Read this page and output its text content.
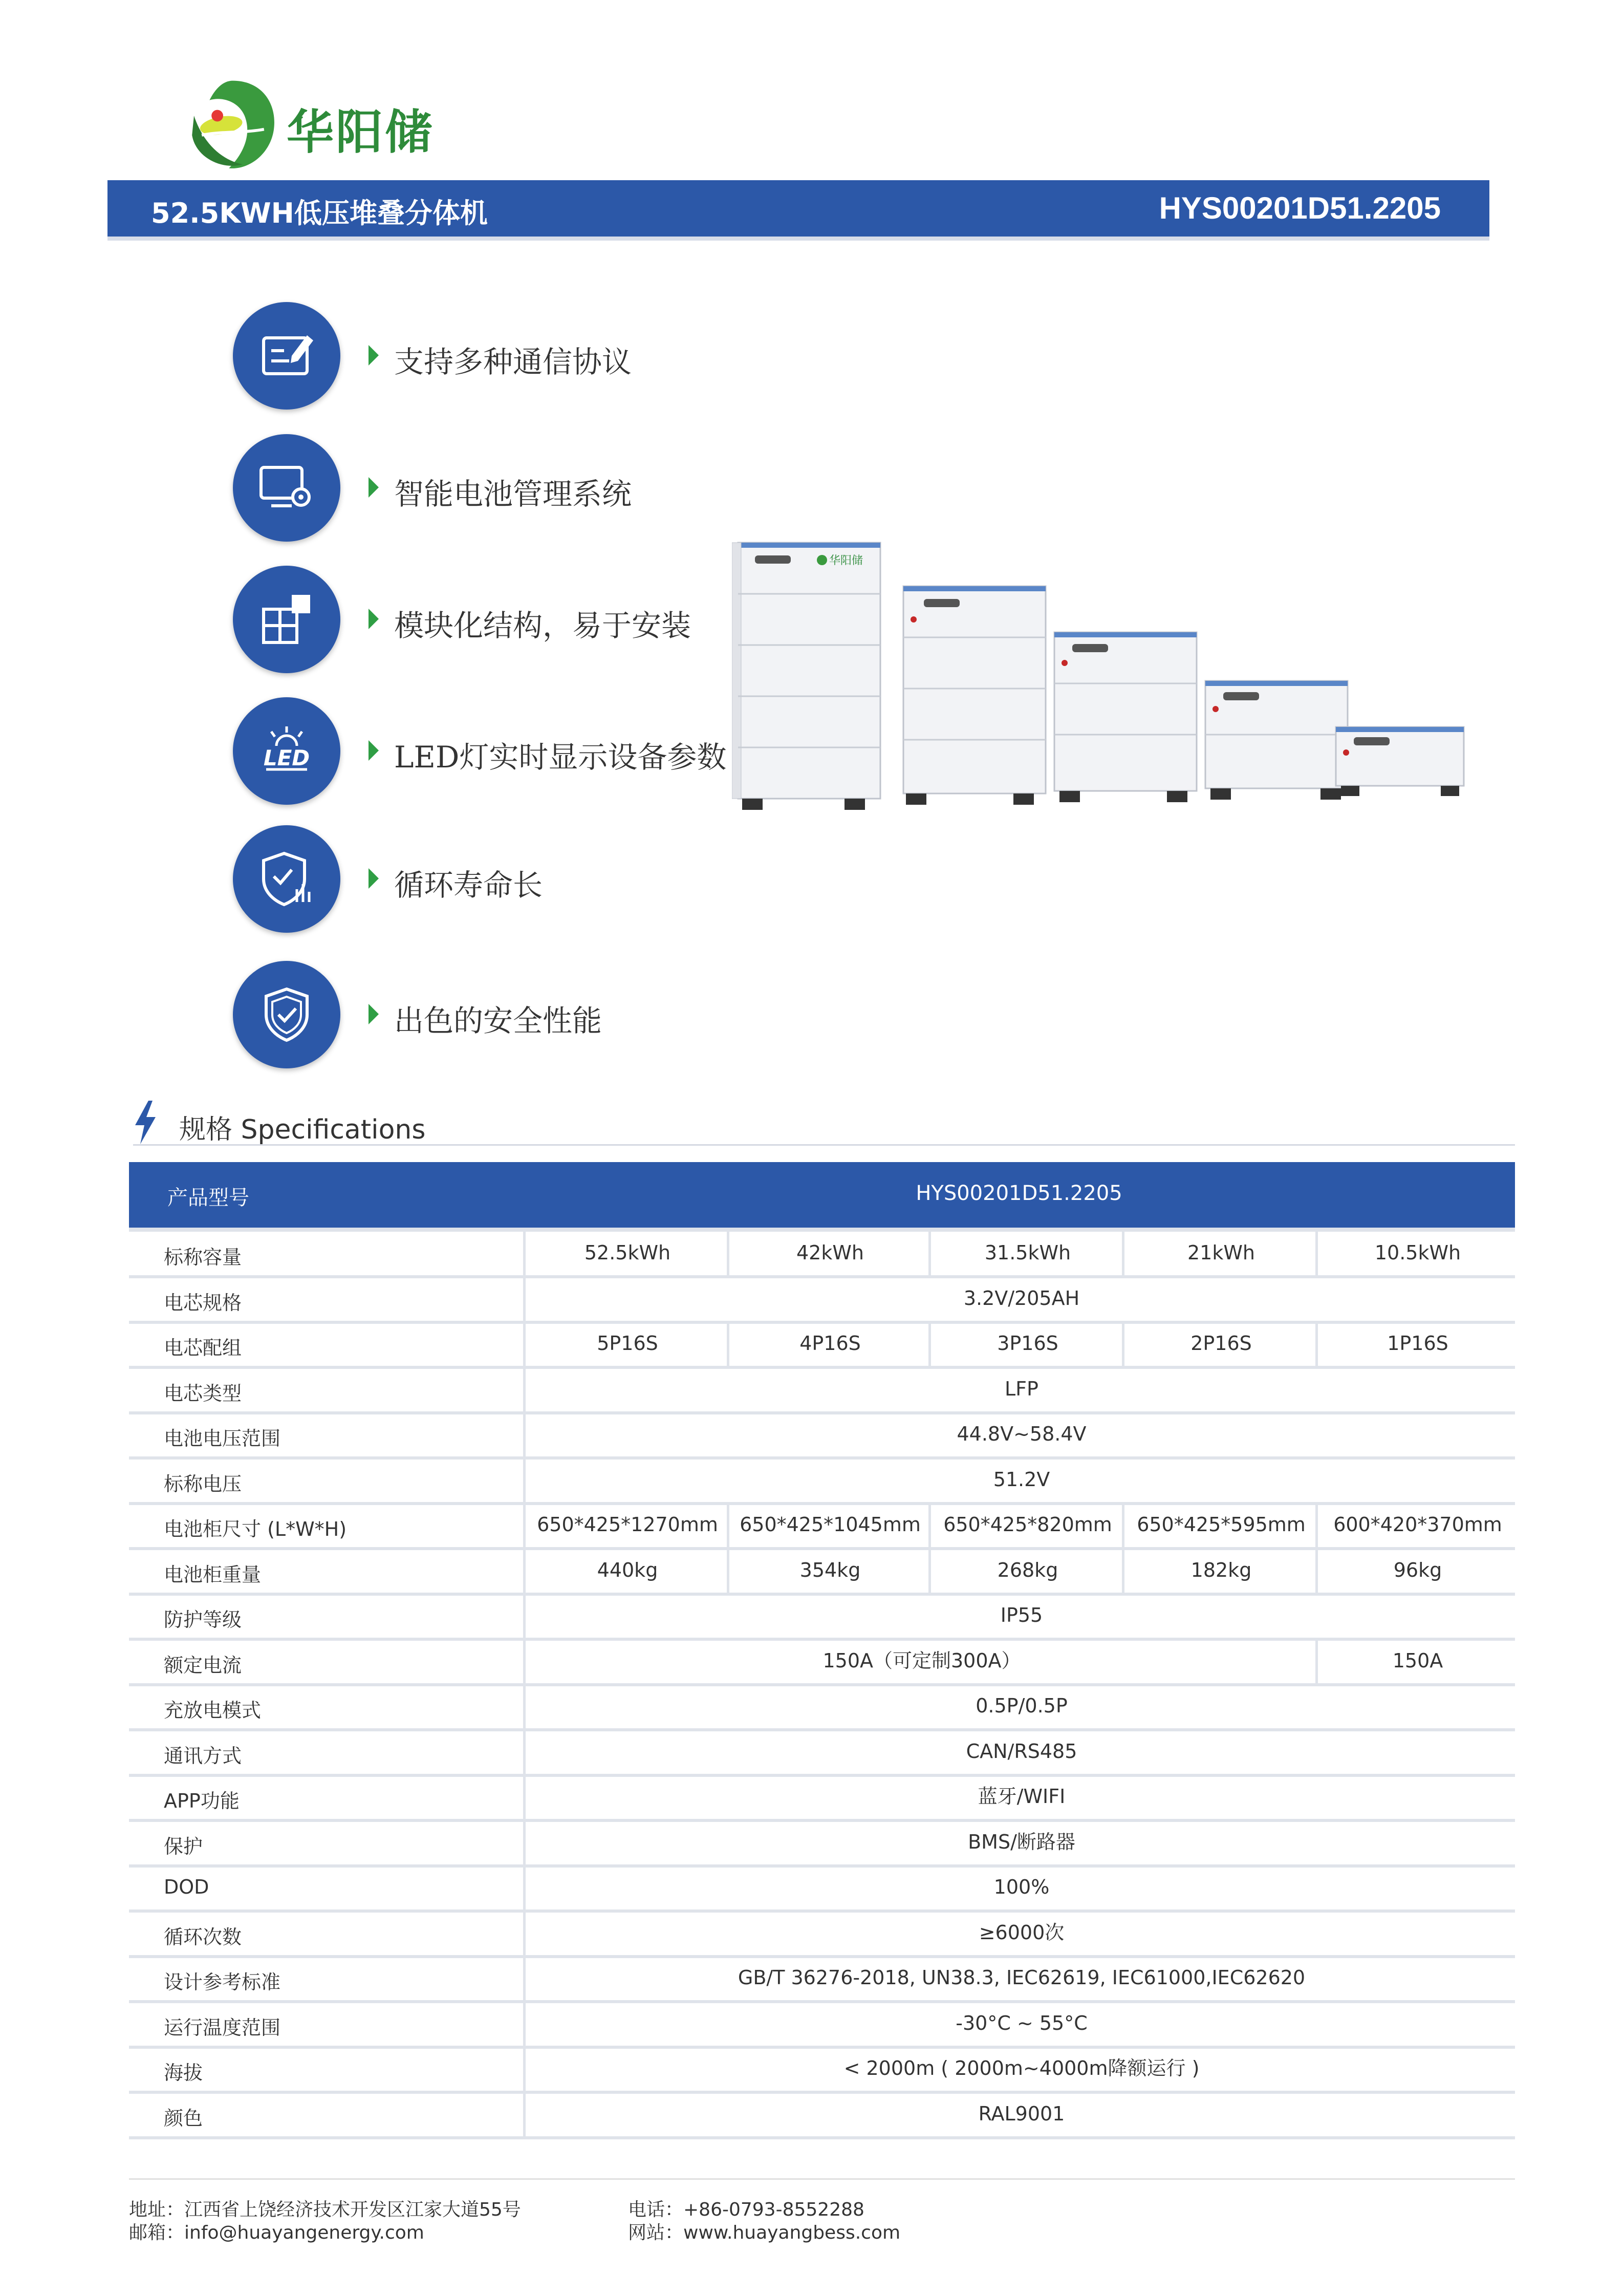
华阳储
52.5KWH低压堆叠分体机	HYS00201D51.2205
支持多种通信协议
智能电池管理系统
模块化结构，易于安装
LED	LED灯实时显示设备参数
循环寿命长
出色的安全性能
华阳储
规格 Specifications
产品型号	HYS00201D51.2205
标称容量	52.5kWh	42kWh	31.5kWh	21kWh	10.5kWh
电芯规格	3.2V/205AH
电芯配组	5P16S	4P16S	3P16S	2P16S	1P16S
电芯类型	LFP
电池电压范围	44.8V~58.4V
标称电压	51.2V
电池柜尺寸 (L*W*H)	650*425*1270mm	650*425*1045mm	650*425*820mm	650*425*595mm	600*420*370mm
电池柜重量	440kg	354kg	268kg	182kg	96kg
防护等级	IP55
额定电流	150A（可定制300A）	150A
充放电模式	0.5P/0.5P
通讯方式	CAN/RS485
APP功能	蓝牙/WIFI
保护	BMS/断路器
DOD	100%
循环次数	≥6000次
设计参考标准	GB/T 36276-2018, UN38.3, IEC62619, IEC61000,IEC62620
运行温度范围	-30°C ~ 55°C
海拔	< 2000m ( 2000m~4000m降额运行 )
颜色	RAL9001
地址：江西省上饶经济技术开发区江家大道55号
邮箱：info@huayangenergy.com
电话：+86-0793-8552288
网站：www.huayangbess.com
